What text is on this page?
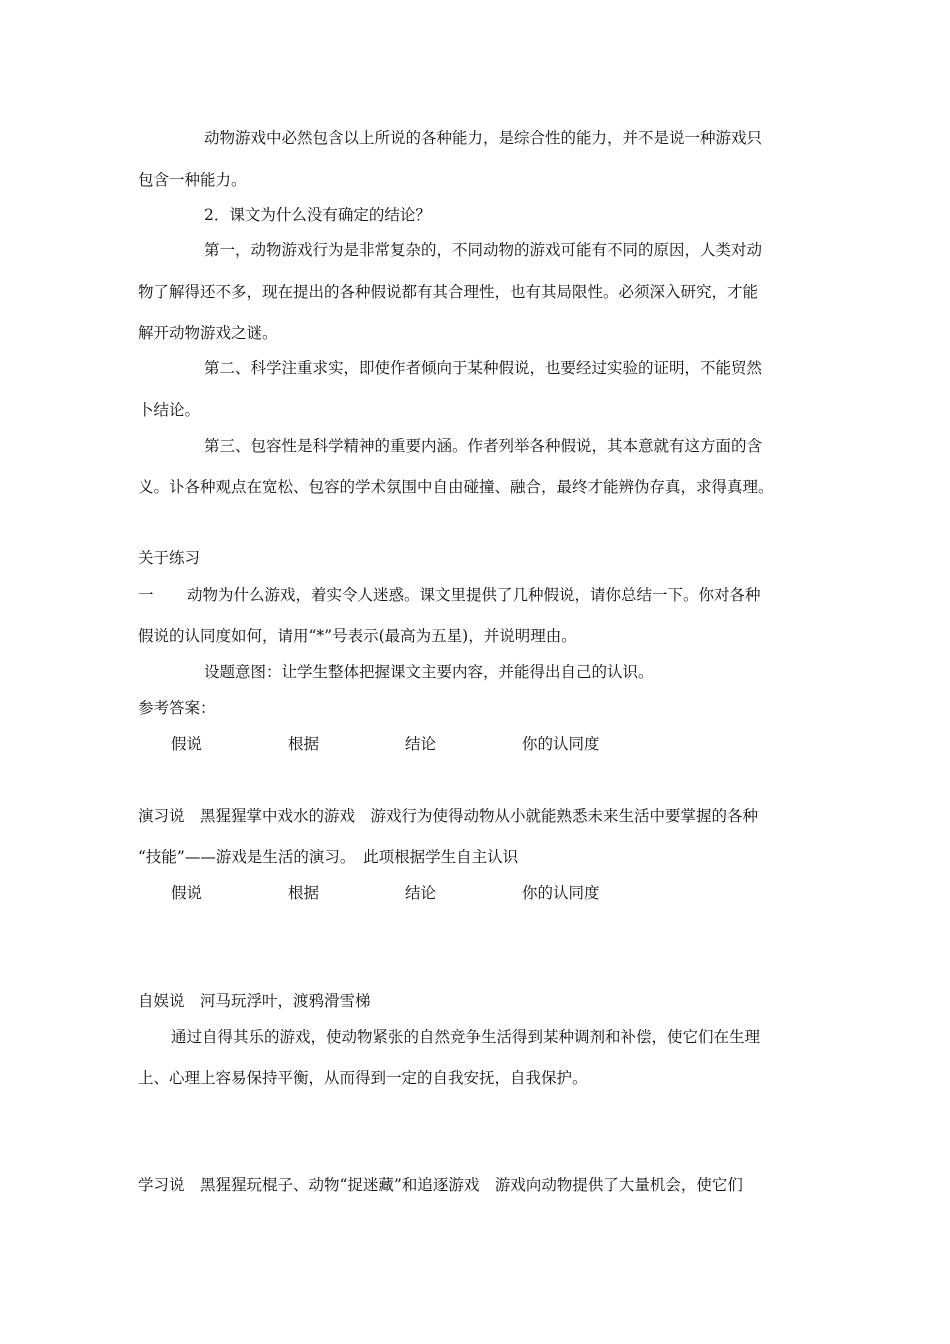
动物游戏中必然包含以上所说的各种能力，是综合性的能力，并不是说一种游戏只
包含一种能力。
2．课文为什么没有确定的结论？
第一，动物游戏行为是非常复杂的，不同动物的游戏可能有不同的原因，人类对动
物了解得还不多，现在提出的各种假说都有其合理性，也有其局限性。必须深入研究，才能
解开动物游戏之谜。
第二、科学注重求实，即使作者倾向于某种假说，也要经过实验的证明，不能贸然
卜结论。
第三、包容性是科学精神的重要内涵。作者列举各种假说，其本意就有这方面的含
义。讣各种观点在宽松、包容的学术氛围中自由碰撞、融合，最终才能辨伪存真，求得真理。
关于练习
一 动物为什么游戏，着实令人迷惑。课文里提供了几种假说，请你总结一下。你对各种
假说的认同度如何，请用“*”号表示(最高为五星)，并说明理由。
设题意图：让学生整体把握课文主要内容，并能得出自己的认识。
参考答案：
假说	根据	结论	你的认同度
演习说　黑猩猩掌中戏水的游戏　游戏行为使得动物从小就能熟悉未来生活中要掌握的各种
“技能”——游戏是生活的演习。　此项根据学生自主认识
假说	根据	结论	你的认同度
自娱说　河马玩浮叶，渡鸦滑雪梯
通过自得其乐的游戏，使动物紧张的自然竞争生活得到某种调剂和补偿，使它们在生理
上、心理上容易保持平衡，从而得到一定的自我安抚，自我保护。
学习说　黑猩猩玩棍子、动物“捉迷藏”和追逐游戏　游戏向动物提供了大量机会，使它们
